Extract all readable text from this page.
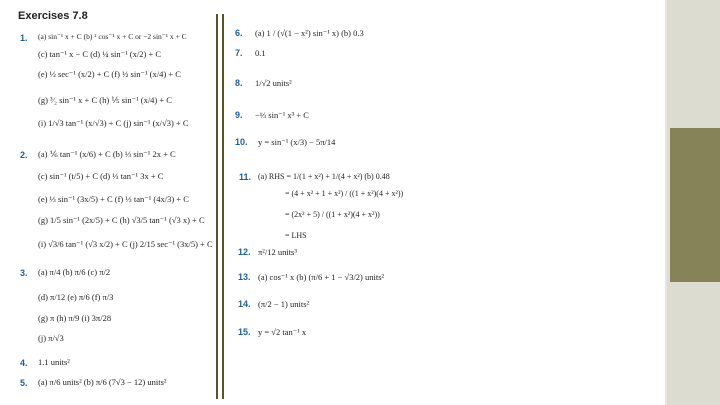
Exercises 7.8
1. (a) sin⁻¹ x + C (b) ² cos⁻¹ x + C or −2 sin⁻¹ x + C
(c) tan⁻¹ x − C (d) ¼ sin⁻¹ (x/2) + C
(e) ½ sec⁻¹ (x/2) + C (f) ½ sin⁻¹ (x/4) + C
(g) ³⁄₂ sin⁻¹ x + C (h) ⅕ sin⁻¹ (x/4) + C
(i) 1/√3 tan⁻¹ (x/√3) + C (j) sin⁻¹ (x/√3) + C
2. (a) ⅙ tan⁻¹ (x/6) + C (b) ⅓ sin⁻¹ 2x + C
(c) sin⁻¹ (t/5) + C (d) ⅓ tan⁻¹ 3x + C
(e) ⅓ sin⁻¹ (3x/5) + C (f) ⅓ tan⁻¹ (4x/3) + C
(g) 1/5 sin⁻¹ (2x/5) + C (h) √3/5 tan⁻¹ (√3 x) + C
(i) √3/6 tan⁻¹ (√3 x/2) + C (j) 2/15 sec⁻¹ (3x/5) + C
3. (a) π/4 (b) π/6 (c) π/2
(d) π/12 (e) π/6 (f) π/3
(g) π (h) π/9 (i) 3π/28
(j) π/√3
4. 1.1 units²
5. (a) π/6 units² (b) π/6 (7√3 − 12) units²
6. (a) 1 / (√(1 − x²) sin⁻¹ x) (b) 0.3
7. 0.1
8. 1/√2 units²
9. −⅓ sin⁻¹ x³ + C
10. y = sin⁻¹ (x/3) − 5π/14
11. (a) RHS = 1/(1 + x²) + 1/(4 + x²) (b) 0.48
= (4 + x² + 1 + x²) / ((1 + x²)(4 + x²))
= (2x² + 5) / ((1 + x²)(4 + x²))
= LHS
12. π²/12 units³
13. (a) cos⁻¹ x (b) (π/6 + 1 − √3/2) units²
14. (π/2 − 1) units²
15. y = √2 tan⁻¹ x
